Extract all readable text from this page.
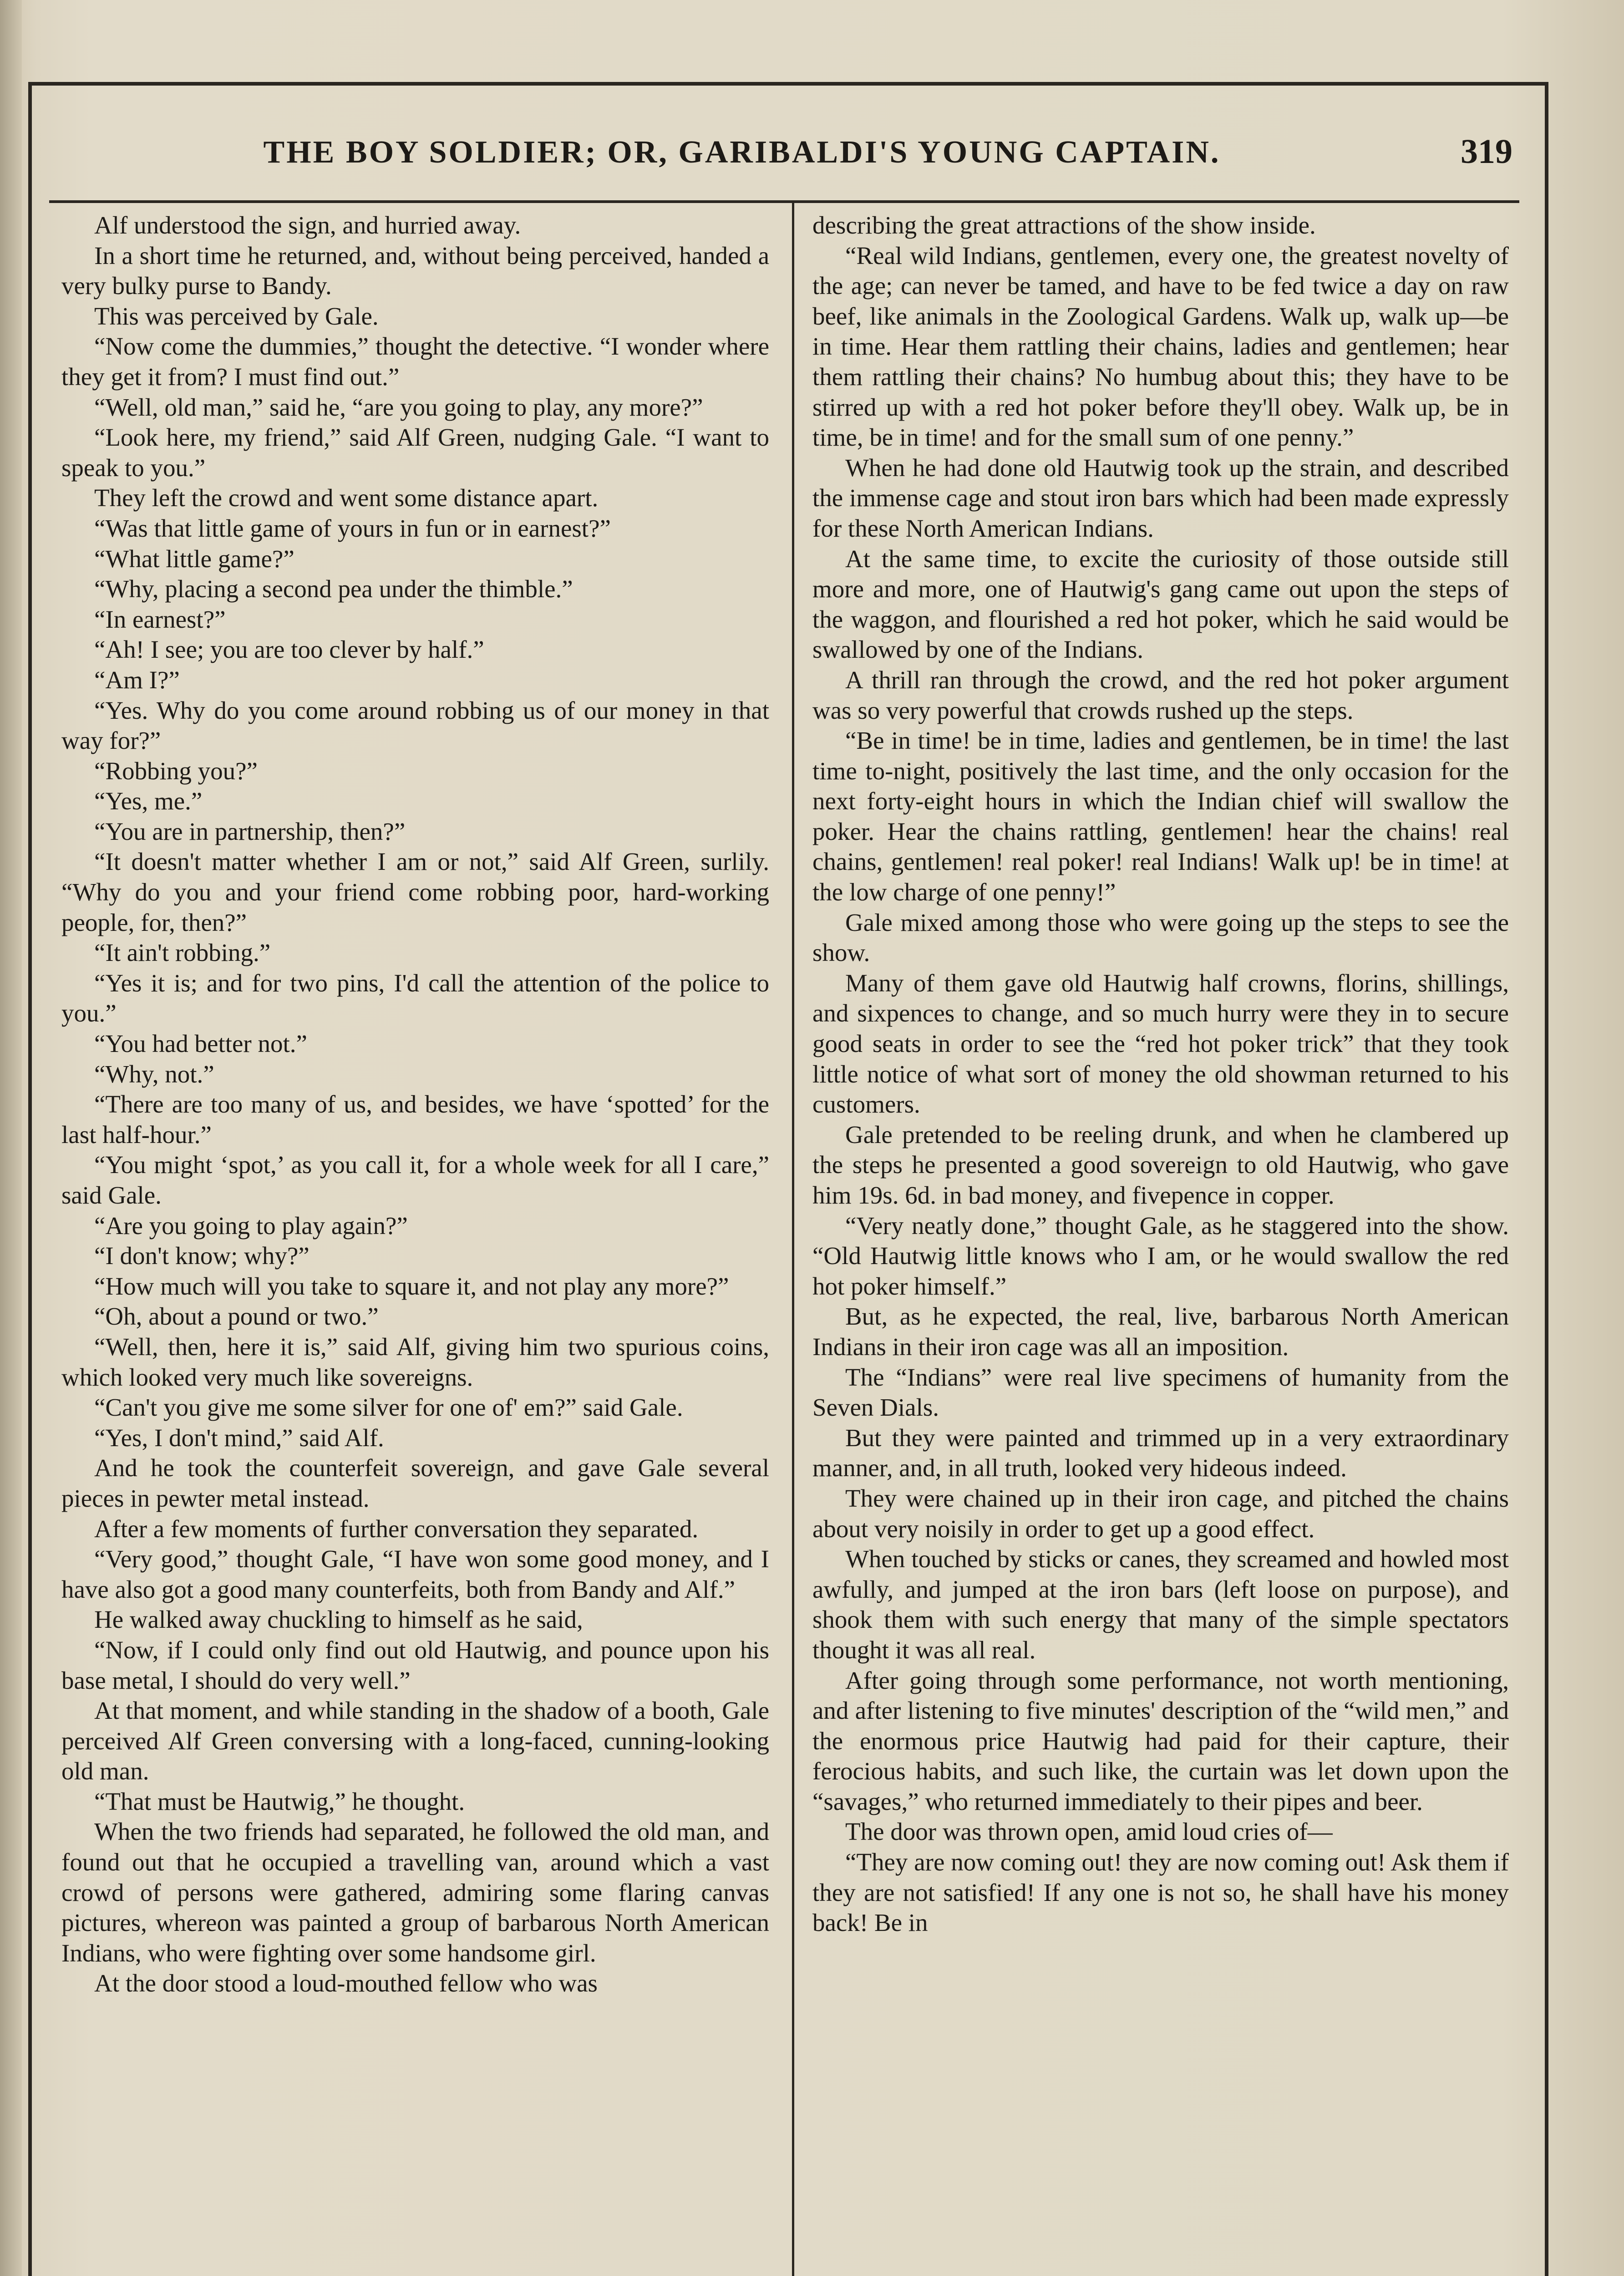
THE BOY SOLDIER; OR, GARIBALDI'S YOUNG CAPTAIN.	319

Alf understood the sign, and hurried away.

In a short time he returned, and, without being perceived, handed a very bulky purse to Bandy.

This was perceived by Gale.

“Now come the dummies,” thought the detective. “I wonder where they get it from? I must find out.”

“Well, old man,” said he, “are you going to play, any more?”

“Look here, my friend,” said Alf Green, nudging Gale. “I want to speak to you.”

They left the crowd and went some distance apart.

“Was that little game of yours in fun or in earnest?”

“What little game?”

“Why, placing a second pea under the thimble.”

“In earnest?”

“Ah! I see; you are too clever by half.”

“Am I?”

“Yes. Why do you come around robbing us of our money in that way for?”

“Robbing you?”

“Yes, me.”

“You are in partnership, then?”

“It doesn't matter whether I am or not,” said Alf Green, surlily. “Why do you and your friend come robbing poor, hard-working people, for, then?”

“It ain't robbing.”

“Yes it is; and for two pins, I'd call the attention of the police to you.”

“You had better not.”

“Why, not.”

“There are too many of us, and besides, we have ‘spotted’ for the last half-hour.”

“You might ‘spot,’ as you call it, for a whole week for all I care,” said Gale.

“Are you going to play again?”

“I don't know; why?”

“How much will you take to square it, and not play any more?”

“Oh, about a pound or two.”

“Well, then, here it is,” said Alf, giving him two spurious coins, which looked very much like sovereigns.

“Can't you give me some silver for one of' em?” said Gale.

“Yes, I don't mind,” said Alf.

And he took the counterfeit sovereign, and gave Gale several pieces in pewter metal instead.

After a few moments of further conversation they separated.

“Very good,” thought Gale, “I have won some good money, and I have also got a good many counterfeits, both from Bandy and Alf.”

He walked away chuckling to himself as he said,

“Now, if I could only find out old Hautwig, and pounce upon his base metal, I should do very well.”

At that moment, and while standing in the shadow of a booth, Gale perceived Alf Green conversing with a long-faced, cunning-looking old man.

“That must be Hautwig,” he thought.

When the two friends had separated, he followed the old man, and found out that he occupied a travelling van, around which a vast crowd of persons were gathered, admiring some flaring canvas pictures, whereon was painted a group of barbarous North American Indians, who were fighting over some handsome girl.

At the door stood a loud-mouthed fellow who was

describing the great attractions of the show inside.

“Real wild Indians, gentlemen, every one, the greatest novelty of the age; can never be tamed, and have to be fed twice a day on raw beef, like animals in the Zoological Gardens. Walk up, walk up—be in time. Hear them rattling their chains, ladies and gentlemen; hear them rattling their chains? No humbug about this; they have to be stirred up with a red hot poker before they'll obey. Walk up, be in time, be in time! and for the small sum of one penny.”

When he had done old Hautwig took up the strain, and described the immense cage and stout iron bars which had been made expressly for these North American Indians.

At the same time, to excite the curiosity of those outside still more and more, one of Hautwig's gang came out upon the steps of the waggon, and flourished a red hot poker, which he said would be swallowed by one of the Indians.

A thrill ran through the crowd, and the red hot poker argument was so very powerful that crowds rushed up the steps.

“Be in time! be in time, ladies and gentlemen, be in time! the last time to-night, positively the last time, and the only occasion for the next forty-eight hours in which the Indian chief will swallow the poker. Hear the chains rattling, gentlemen! hear the chains! real chains, gentlemen! real poker! real Indians! Walk up! be in time! at the low charge of one penny!”

Gale mixed among those who were going up the steps to see the show.

Many of them gave old Hautwig half crowns, florins, shillings, and sixpences to change, and so much hurry were they in to secure good seats in order to see the “red hot poker trick” that they took little notice of what sort of money the old showman returned to his customers.

Gale pretended to be reeling drunk, and when he clambered up the steps he presented a good sovereign to old Hautwig, who gave him 19s. 6d. in bad money, and fivepence in copper.

“Very neatly done,” thought Gale, as he staggered into the show. “Old Hautwig little knows who I am, or he would swallow the red hot poker himself.”

But, as he expected, the real, live, barbarous North American Indians in their iron cage was all an imposition.

The “Indians” were real live specimens of humanity from the Seven Dials.

But they were painted and trimmed up in a very extraordinary manner, and, in all truth, looked very hideous indeed.

They were chained up in their iron cage, and pitched the chains about very noisily in order to get up a good effect.

When touched by sticks or canes, they screamed and howled most awfully, and jumped at the iron bars (left loose on purpose), and shook them with such energy that many of the simple spectators thought it was all real.

After going through some performance, not worth mentioning, and after listening to five minutes' description of the “wild men,” and the enormous price Hautwig had paid for their capture, their ferocious habits, and such like, the curtain was let down upon the “savages,” who returned immediately to their pipes and beer.

The door was thrown open, amid loud cries of—

“They are now coming out! they are now coming out! Ask them if they are not satisfied! If any one is not so, he shall have his money back! Be in
